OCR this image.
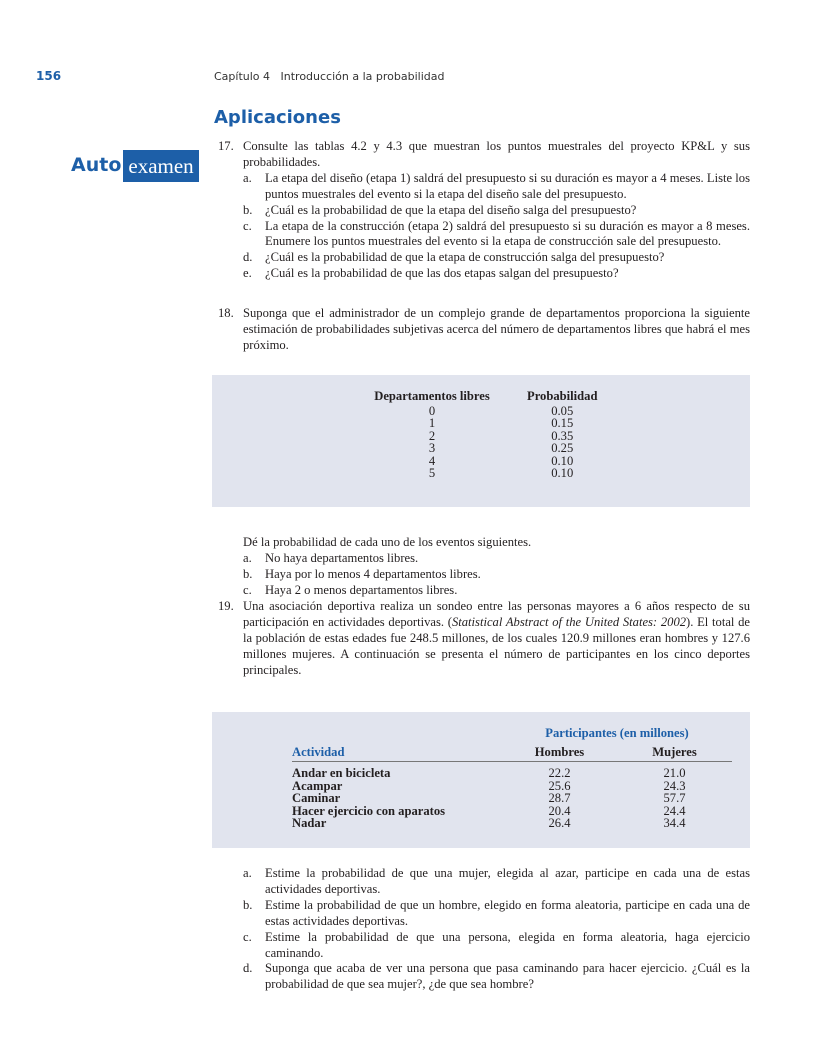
156	Capítulo 4   Introducción a la probabilidad
Aplicaciones
Auto examen
17. Consulte las tablas 4.2 y 4.3 que muestran los puntos muestrales del proyecto KP&L y sus probabilidades.
a. La etapa del diseño (etapa 1) saldrá del presupuesto si su duración es mayor a 4 meses. Liste los puntos muestrales del evento si la etapa del diseño sale del presupuesto.
b. ¿Cuál es la probabilidad de que la etapa del diseño salga del presupuesto?
c. La etapa de la construcción (etapa 2) saldrá del presupuesto si su duración es mayor a 8 meses. Enumere los puntos muestrales del evento si la etapa de construcción sale del presupuesto.
d. ¿Cuál es la probabilidad de que la etapa de construcción salga del presupuesto?
e. ¿Cuál es la probabilidad de que las dos etapas salgan del presupuesto?
18. Suponga que el administrador de un complejo grande de departamentos proporciona la siguiente estimación de probabilidades subjetivas acerca del número de departamentos libres que habrá el mes próximo.
Departamentos libres	Probabilidad
0	0.05
1	0.15
2	0.35
3	0.25
4	0.10
5	0.10
Dé la probabilidad de cada uno de los eventos siguientes.
a. No haya departamentos libres.
b. Haya por lo menos 4 departamentos libres.
c. Haya 2 o menos departamentos libres.
19. Una asociación deportiva realiza un sondeo entre las personas mayores a 6 años respecto de su participación en actividades deportivas. (Statistical Abstract of the United States: 2002). El total de la población de estas edades fue 248.5 millones, de los cuales 120.9 millones eran hombres y 127.6 millones mujeres. A continuación se presenta el número de participantes en los cinco deportes principales.
	Participantes (en millones)	
Actividad	Hombres	Mujeres
Andar en bicicleta	22.2	21.0
Acampar	25.6	24.3
Caminar	28.7	57.7
Hacer ejercicio con aparatos	20.4	24.4
Nadar	26.4	34.4
a. Estime la probabilidad de que una mujer, elegida al azar, participe en cada una de estas actividades deportivas.
b. Estime la probabilidad de que un hombre, elegido en forma aleatoria, participe en cada una de estas actividades deportivas.
c. Estime la probabilidad de que una persona, elegida en forma aleatoria, haga ejercicio caminando.
d. Suponga que acaba de ver una persona que pasa caminando para hacer ejercicio. ¿Cuál es la probabilidad de que sea mujer?, ¿de que sea hombre?
